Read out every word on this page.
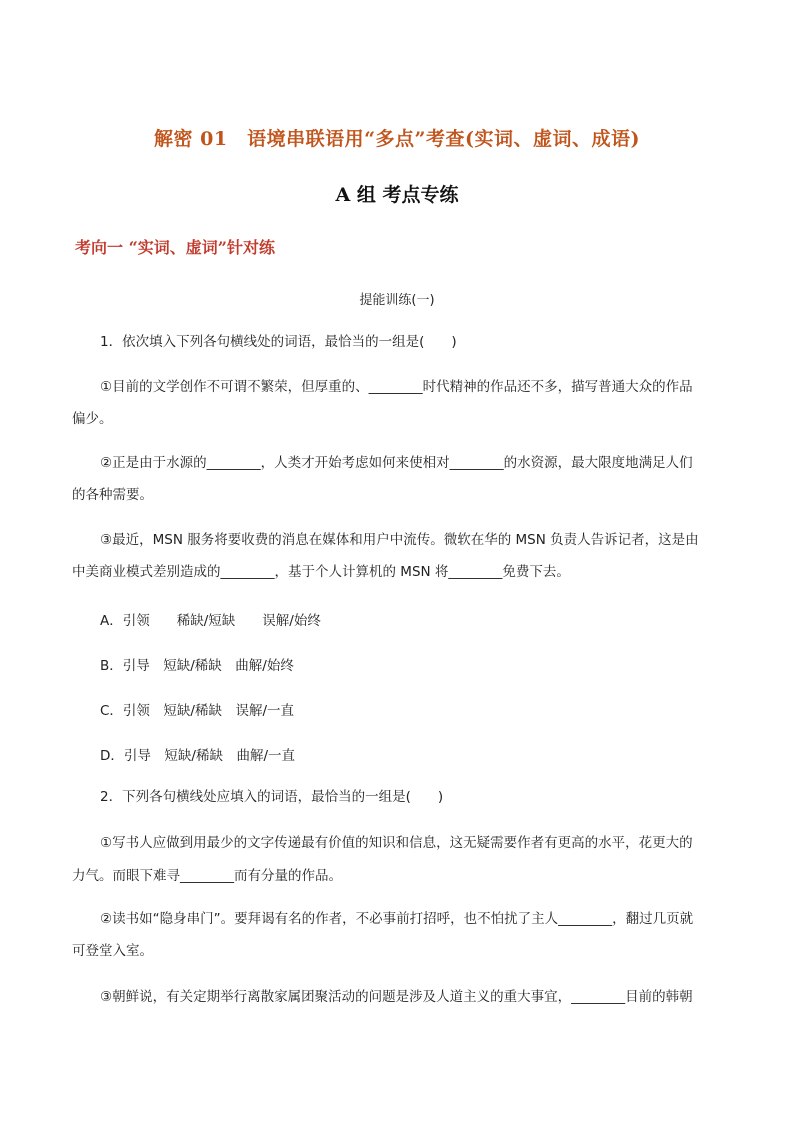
解密 01　语境串联语用“多点”考查(实词、虚词、成语)
A 组 考点专练
考向一 “实词、虚词”针对练
提能训练(一)
1．依次填入下列各句横线处的词语，最恰当的一组是(　　)
①目前的文学创作不可谓不繁荣，但厚重的、________时代精神的作品还不多，描写普通大众的作品
偏少。
②正是由于水源的________，人类才开始考虑如何来使相对________的水资源，最大限度地满足人们
的各种需要。
③最近，MSN 服务将要收费的消息在媒体和用户中流传。微软在华的 MSN 负责人告诉记者，这是由
中美商业模式差别造成的________，基于个人计算机的 MSN 将________免费下去。
A．引领　　稀缺/短缺　　误解/始终
B．引导　短缺/稀缺　曲解/始终
C．引领　短缺/稀缺　误解/一直
D．引导　短缺/稀缺　曲解/一直
2．下列各句横线处应填入的词语，最恰当的一组是(　　)
①写书人应做到用最少的文字传递最有价值的知识和信息，这无疑需要作者有更高的水平，花更大的
力气。而眼下难寻________而有分量的作品。
②读书如“隐身串门”。要拜谒有名的作者，不必事前打招呼，也不怕扰了主人________，翻过几页就
可登堂入室。
③朝鲜说，有关定期举行离散家属团聚活动的问题是涉及人道主义的重大事宜，________目前的韩朝
